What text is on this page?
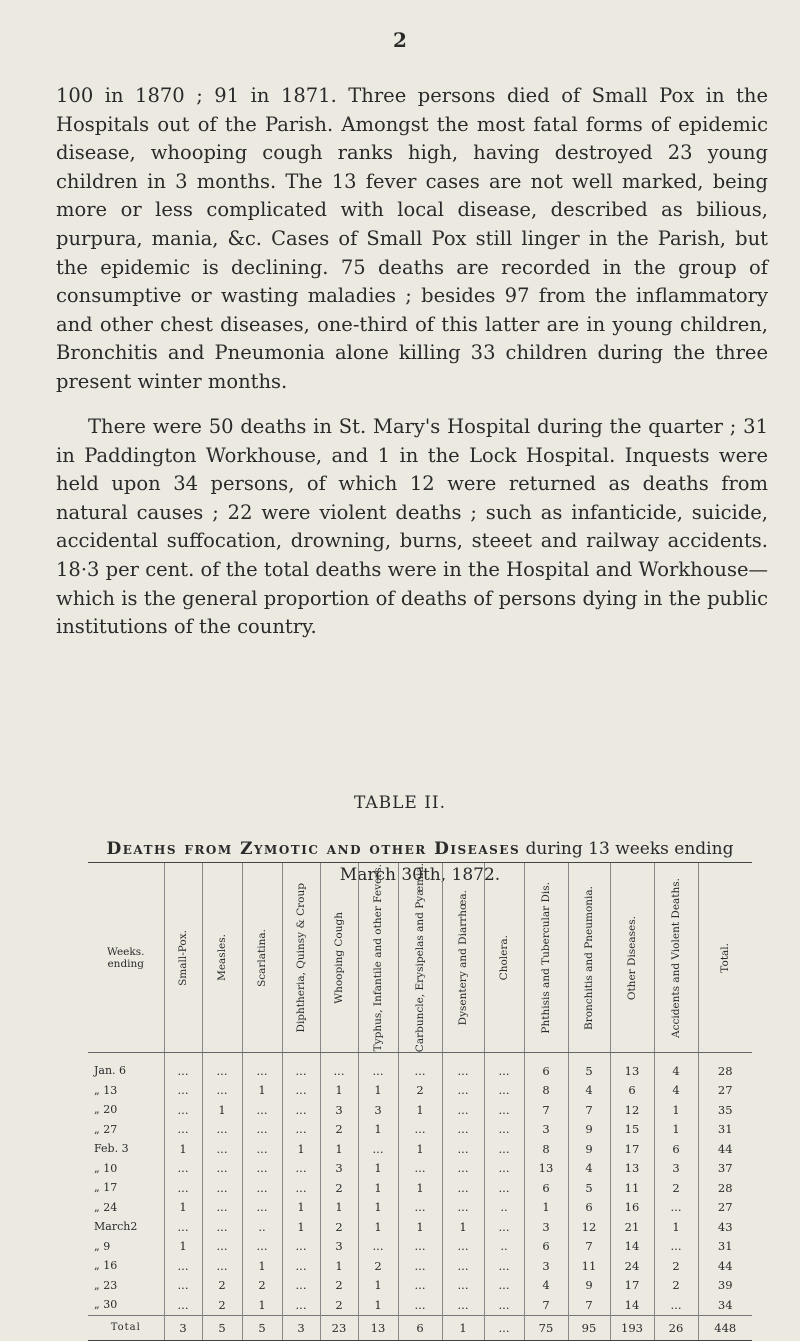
2

100 in 1870 ; 91 in 1871. Three persons died of Small Pox in the Hospitals out of the Parish. Amongst the most fatal forms of epidemic disease, whooping cough ranks high, having destroyed 23 young children in 3 months. The 13 fever cases are not well marked, being more or less complicated with local disease, described as bilious, purpura, mania, &c. Cases of Small Pox still linger in the Parish, but the epidemic is declining. 75 deaths are recorded in the group of consumptive or wasting maladies ; besides 97 from the inflammatory and other chest diseases, one-third of this latter are in young children, Bronchitis and Pneumonia alone killing 33 children during the three present winter months.

There were 50 deaths in St. Mary's Hospital during the quarter ; 31 in Paddington Workhouse, and 1 in the Lock Hospital. Inquests were held upon 34 persons, of which 12 were returned as deaths from natural causes ; 22 were violent deaths ; such as infanticide, suicide, accidental suffocation, drowning, burns, steeet and railway accidents. 18·3 per cent. of the total deaths were in the Hospital and Workhouse—which is the general proportion of deaths of persons dying in the public institutions of the country.

TABLE II.

Deaths from Zymotic and other Diseases during 13 weeks ending March 30th, 1872.

Weeks. ending	Small-Pox.	Measles.	Scarlatina.	Diphtheria, Quinsy & Croup	Whooping Cough	Typhus, Infantile and other Fevers.	Carbuncle, Erysipelas and Pyæmia.	Dysentery and Diarrhœa.	Cholera.	Phthisis and Tubercular Dis.	Bronchitis and Pneumonia.	Other Diseases.	Accidents and Violent Deaths.	Total.

Jan. 6	...	...	...	...	...	...	...	...	...	6	5	13	4	28
„ 13	...	...	1	...	1	1	2	...	...	8	4	6	4	27
„ 20	...	1	...	...	3	3	1	...	...	7	7	12	1	35
„ 27	...	...	...	...	2	1	...	...	...	3	9	15	1	31
Feb. 3	1	...	...	1	1	...	1	...	...	8	9	17	6	44
„ 10	...	...	...	...	3	1	...	...	...	13	4	13	3	37
„ 17	...	...	...	...	2	1	1	...	...	6	5	11	2	28
„ 24	1	...	...	1	1	1	...	...	..	1	6	16	...	27
March2	...	...	..	1	2	1	1	1	...	3	12	21	1	43
„ 9	1	...	...	...	3	...	...	...	..	6	7	14	...	31
„ 16	...	...	1	...	1	2	...	...	...	3	11	24	2	44
„ 23	...	2	2	...	2	1	...	...	...	4	9	17	2	39
„ 30	...	2	1	...	2	1	...	...	...	7	7	14	...	34
Total	3	5	5	3	23	13	6	1	...	75	95	193	26	448
